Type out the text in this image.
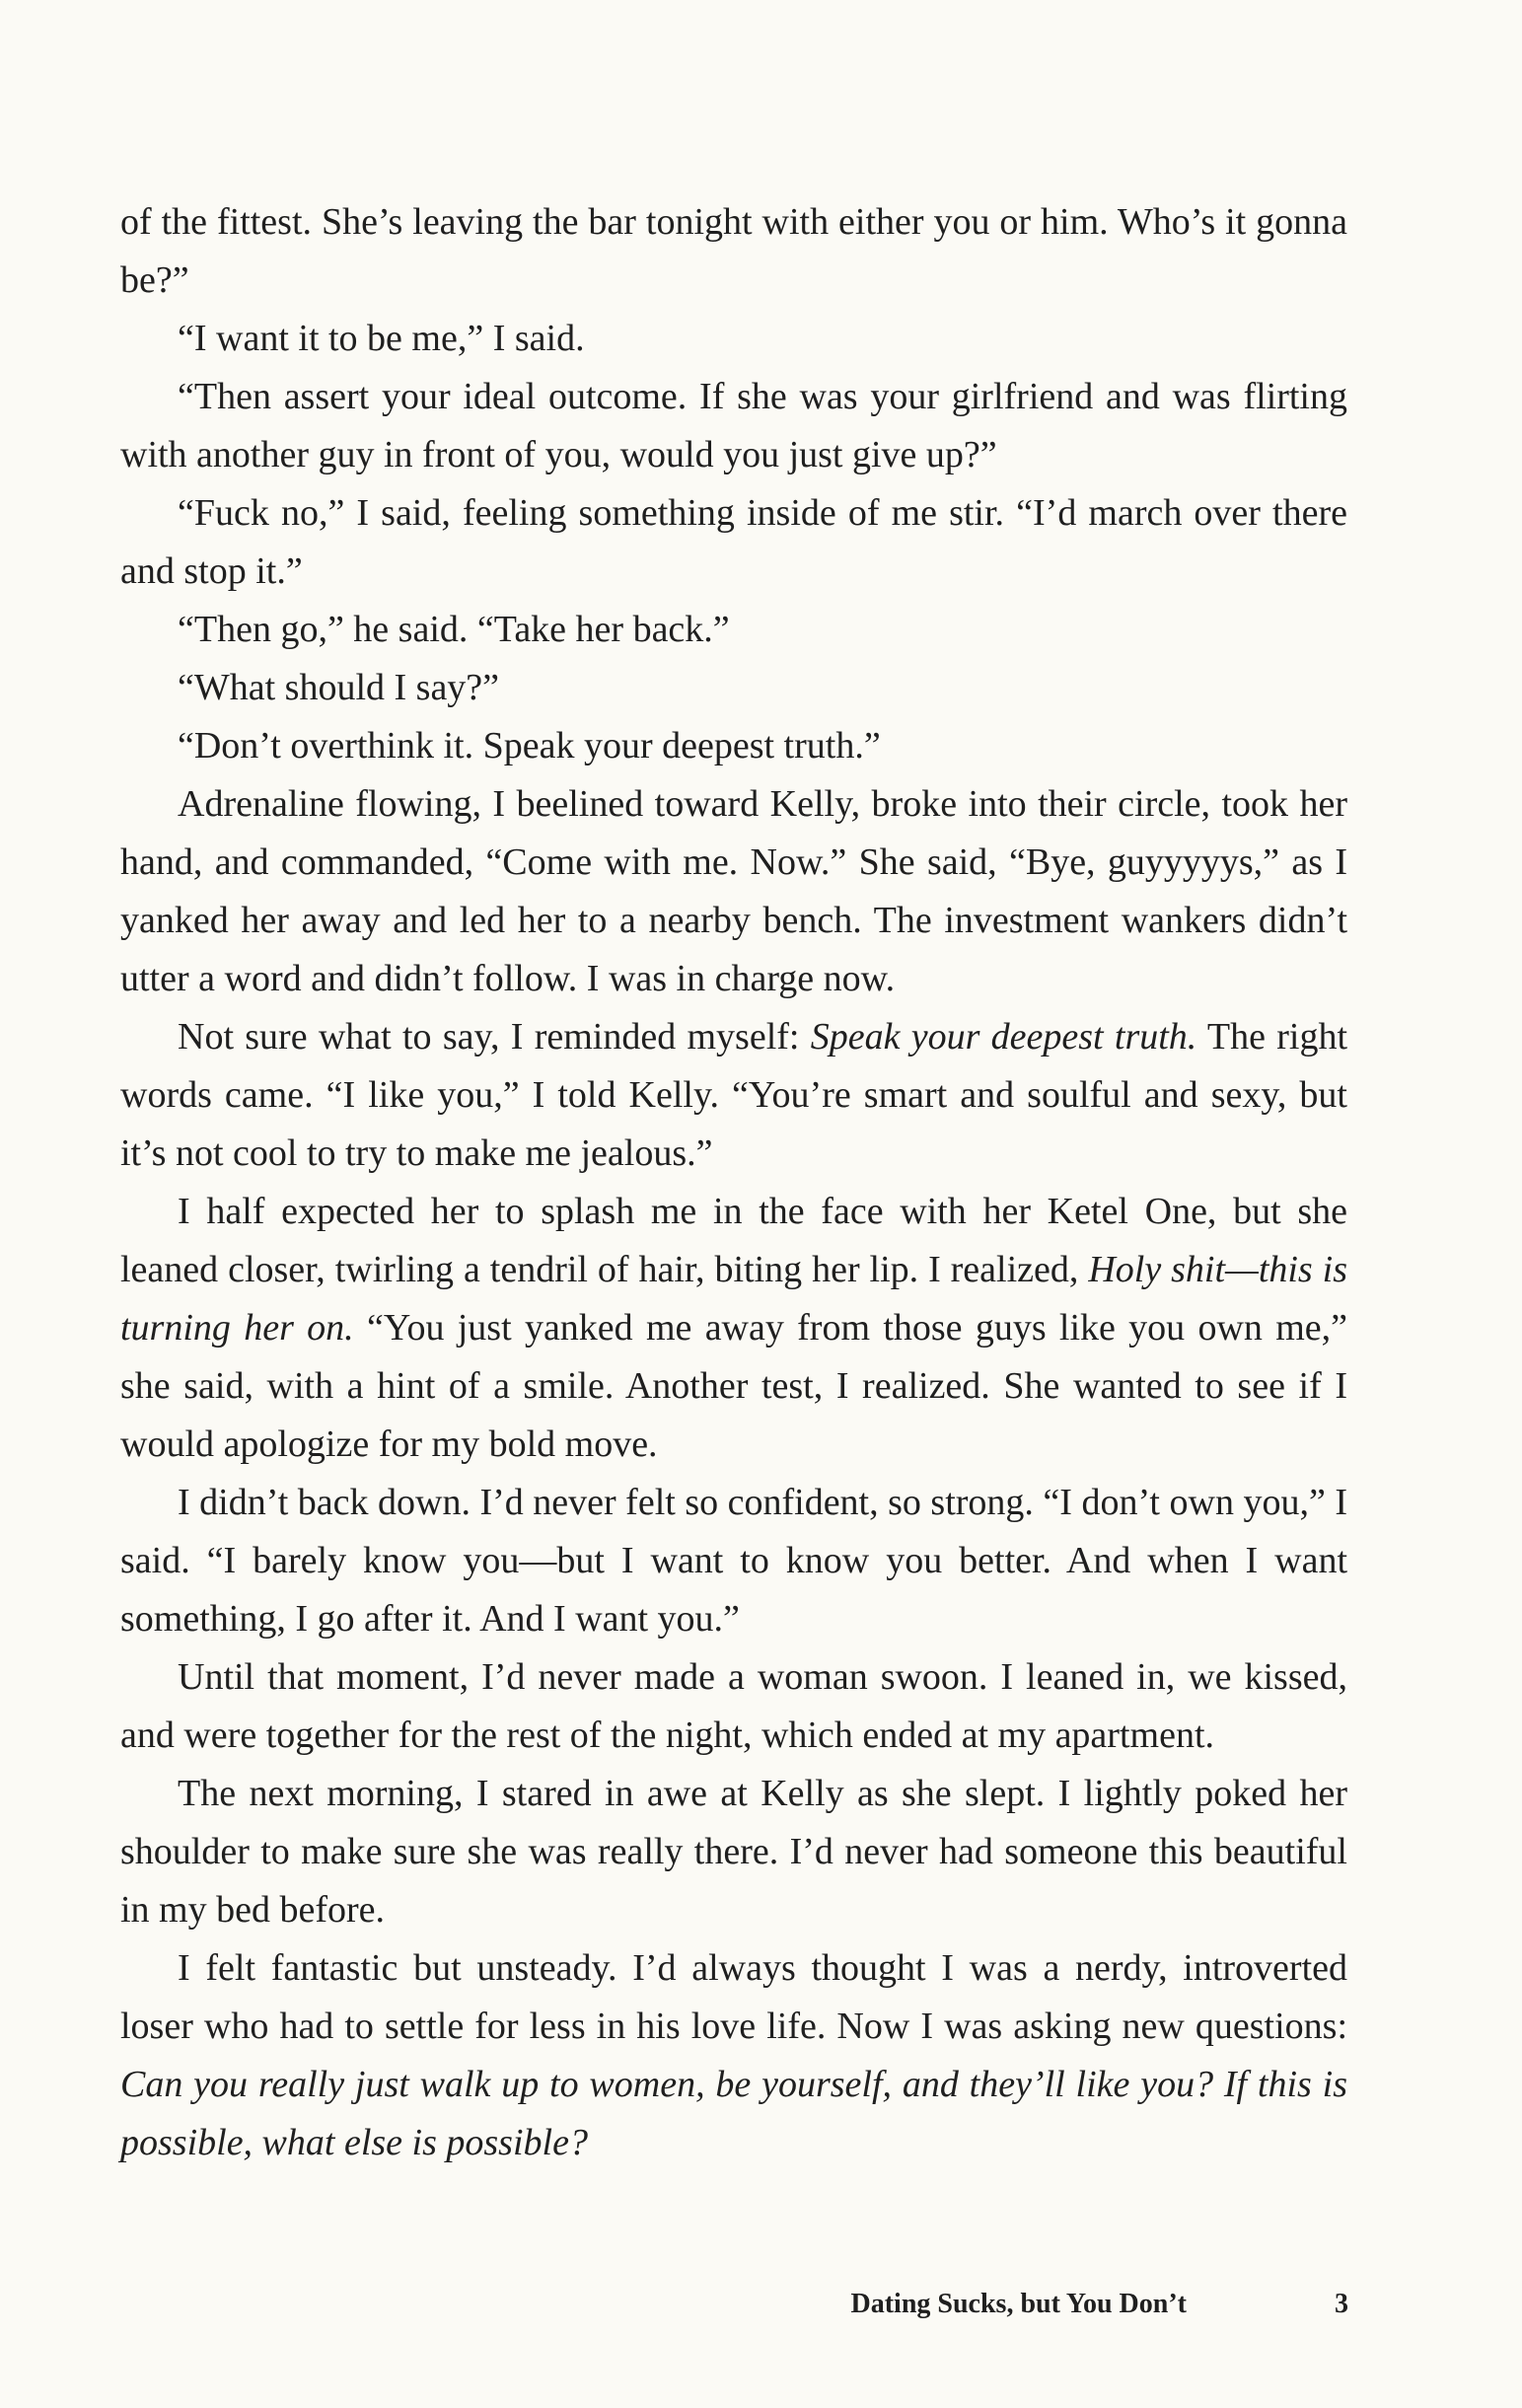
of the fittest. She’s leaving the bar tonight with either you or him. Who’s it gonna be?”

“I want it to be me,” I said.

“Then assert your ideal outcome. If she was your girlfriend and was flirting with another guy in front of you, would you just give up?”

“Fuck no,” I said, feeling something inside of me stir. “I’d march over there and stop it.”

“Then go,” he said. “Take her back.”

“What should I say?”

“Don’t overthink it. Speak your deepest truth.”

Adrenaline flowing, I beelined toward Kelly, broke into their circle, took her hand, and commanded, “Come with me. Now.” She said, “Bye, guyyyyys,” as I yanked her away and led her to a nearby bench. The investment wankers didn’t utter a word and didn’t follow. I was in charge now.

Not sure what to say, I reminded myself: Speak your deepest truth. The right words came. “I like you,” I told Kelly. “You’re smart and soulful and sexy, but it’s not cool to try to make me jealous.”

I half expected her to splash me in the face with her Ketel One, but she leaned closer, twirling a tendril of hair, biting her lip. I realized, Holy shit—this is turning her on. “You just yanked me away from those guys like you own me,” she said, with a hint of a smile. Another test, I realized. She wanted to see if I would apologize for my bold move.

I didn’t back down. I’d never felt so confident, so strong. “I don’t own you,” I said. “I barely know you—but I want to know you better. And when I want something, I go after it. And I want you.”

Until that moment, I’d never made a woman swoon. I leaned in, we kissed, and were together for the rest of the night, which ended at my apartment.

The next morning, I stared in awe at Kelly as she slept. I lightly poked her shoulder to make sure she was really there. I’d never had someone this beautiful in my bed before.

I felt fantastic but unsteady. I’d always thought I was a nerdy, introverted loser who had to settle for less in his love life. Now I was asking new questions: Can you really just walk up to women, be yourself, and they’ll like you? If this is possible, what else is possible?

Dating Sucks, but You Don’t	3
